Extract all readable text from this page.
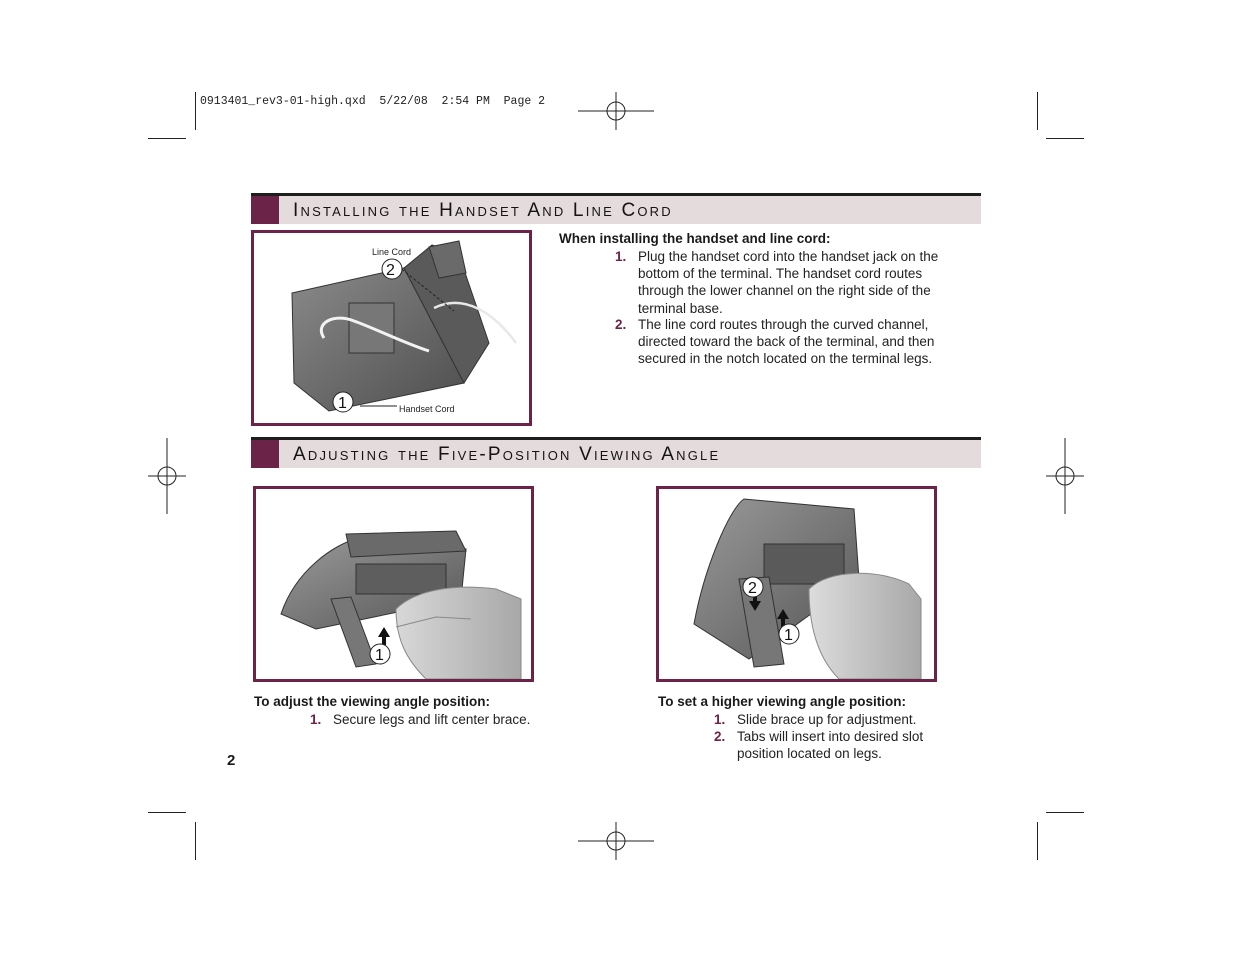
0913401_rev3-01-high.qxd  5/22/08  2:54 PM  Page 2
Installing the Handset And Line Cord
Line Cord
Handset Cord
2
1
When installing the handset and line cord:
1. Plug the handset cord into the handset jack on the
bottom of the terminal. The handset cord routes
through the lower channel on the right side of the
terminal base.
2. The line cord routes through the curved channel,
directed toward the back of the terminal, and then
secured in the notch located on the terminal legs.
Adjusting the Five-Position Viewing Angle
1
2
1
To adjust the viewing angle position:
1. Secure legs and lift center brace.
To set a higher viewing angle position:
1. Slide brace up for adjustment.
2. Tabs will insert into desired slot
position located on legs.
2
